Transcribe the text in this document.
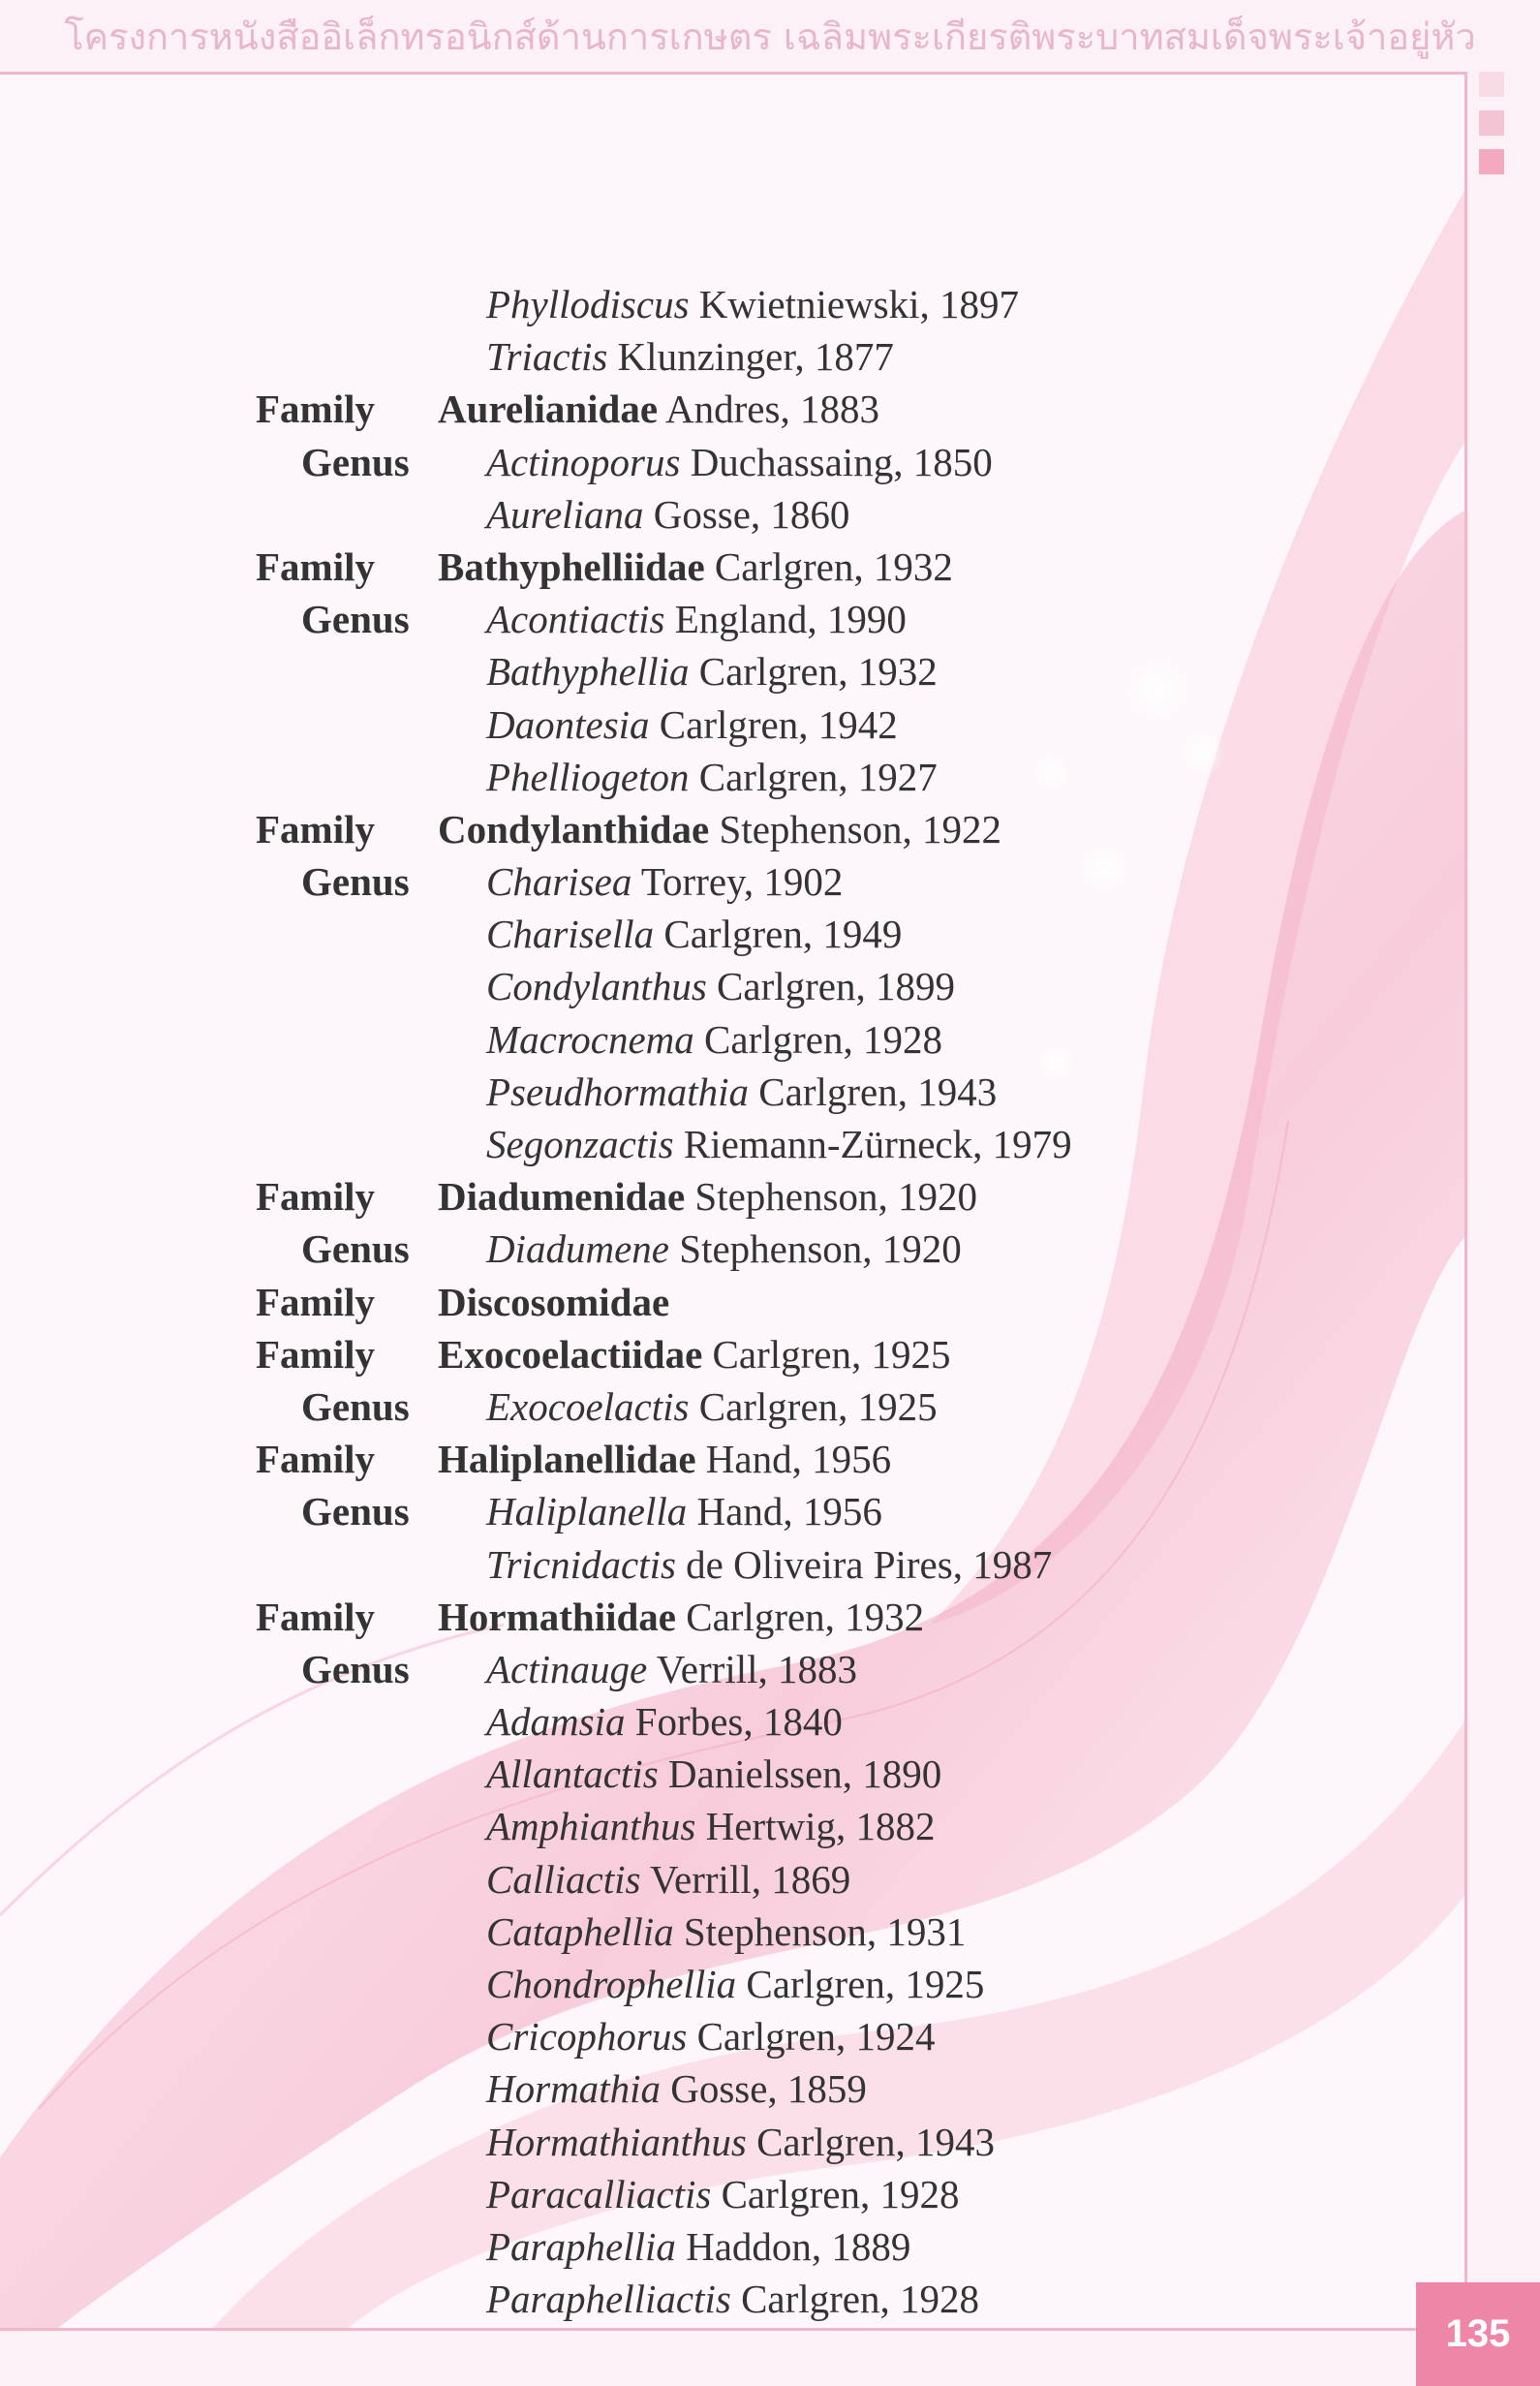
โครงการหนังสืออิเล็กทรอนิกส์ด้านการเกษตร เฉลิมพระเกียรติพระบาทสมเด็จพระเจ้าอยู่หัว
Phyllodiscus Kwietniewski, 1897
Triactis Klunzinger, 1877
Family Aurelianidae Andres, 1883
Genus Actinoporus Duchassaing, 1850
Aureliana Gosse, 1860
Family Bathyphelliidae Carlgren, 1932
Genus Acontiactis England, 1990
Bathyphellia Carlgren, 1932
Daontesia Carlgren, 1942
Phelliogeton Carlgren, 1927
Family Condylanthidae Stephenson, 1922
Genus Charisea Torrey, 1902
Charisella Carlgren, 1949
Condylanthus Carlgren, 1899
Macrocnema Carlgren, 1928
Pseudhormathia Carlgren, 1943
Segonzactis Riemann-Zürneck, 1979
Family Diadumenidae Stephenson, 1920
Genus Diadumene Stephenson, 1920
Family Discosomidae
Family Exocoelactiidae Carlgren, 1925
Genus Exocoelactis Carlgren, 1925
Family Haliplanellidae Hand, 1956
Genus Haliplanella Hand, 1956
Tricnidactis de Oliveira Pires, 1987
Family Hormathiidae Carlgren, 1932
Genus Actinauge Verrill, 1883
Adamsia Forbes, 1840
Allantactis Danielssen, 1890
Amphianthus Hertwig, 1882
Calliactis Verrill, 1869
Cataphellia Stephenson, 1931
Chondrophellia Carlgren, 1925
Cricophorus Carlgren, 1924
Hormathia Gosse, 1859
Hormathianthus Carlgren, 1943
Paracalliactis Carlgren, 1928
Paraphellia Haddon, 1889
Paraphelliactis Carlgren, 1928
135
